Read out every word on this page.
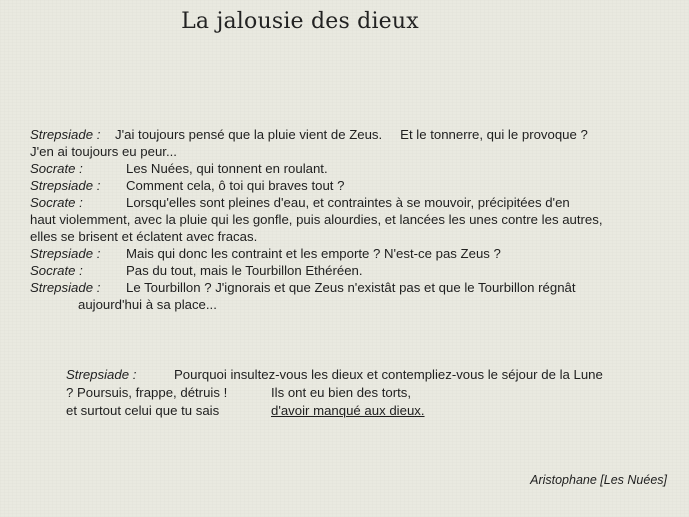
La jalousie des dieux
Strepsiade : J'ai toujours pensé que la pluie vient de Zeus. Et le tonnerre, qui le provoque ?
J'en ai toujours eu peur...
Socrate :	Les Nuées, qui tonnent en roulant.
Strepsiade : Comment cela, ô toi qui braves tout ?
Socrate :	Lorsqu'elles sont pleines d'eau, et contraintes à se mouvoir, précipitées d'en
haut violemment, avec la pluie qui les gonfle, puis alourdies, et lancées les unes contre les autres,
elles se brisent et éclatent avec fracas.
Strepsiade : Mais qui donc les contraint et les emporte ? N'est-ce pas Zeus ?
Socrate :	Pas du tout, mais le Tourbillon Ethéréen.
Strepsiade : Le Tourbillon ? J'ignorais et que Zeus n'existât pas et que le Tourbillon régnât
aujourd'hui à sa place...
Strepsiade :	Pourquoi insultez-vous les dieux et contempliez-vous le séjour de la Lune
? Poursuis, frappe, détruis !	Ils ont eu bien des torts,
et surtout celui que tu sais	d'avoir manqué aux dieux.
Aristophane [Les Nuées]
